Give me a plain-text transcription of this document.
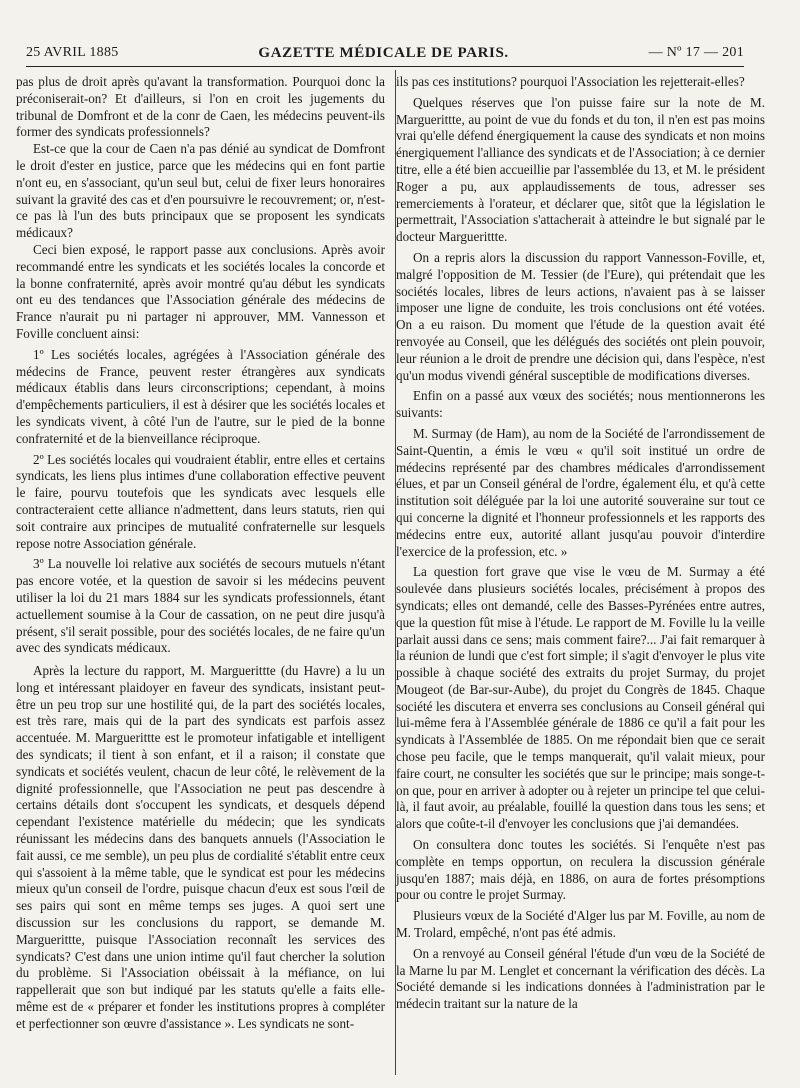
25 AVRIL 1885	GAZETTE MÉDICALE DE PARIS.	— Nº 17 — 201

pas plus de droit après qu'avant la transformation. Pourquoi donc la préconiserait-on? Et d'ailleurs, si l'on en croit les jugements du tribunal de Domfront et de la conr de Caen, les médecins peuvent-ils former des syndicats professionnels?

Est-ce que la cour de Caen n'a pas dénié au syndicat de Domfront le droit d'ester en justice, parce que les médecins qui en font partie n'ont eu, en s'associant, qu'un seul but, celui de fixer leurs honoraires suivant la gravité des cas et d'en poursuivre le recouvrement; or, n'est-ce pas là l'un des buts principaux que se proposent les syndicats médicaux?

Ceci bien exposé, le rapport passe aux conclusions. Après avoir recommandé entre les syndicats et les sociétés locales la concorde et la bonne confraternité, après avoir montré qu'au début les syndicats ont eu des tendances que l'Association générale des médecins de France n'aurait pu ni partager ni approuver, MM. Vannesson et Foville concluent ainsi:

1º Les sociétés locales, agrégées à l'Association générale des médecins de France, peuvent rester étrangères aux syndicats médicaux établis dans leurs circonscriptions; cependant, à moins d'empêchements particuliers, il est à désirer que les sociétés locales et les syndicats vivent, à côté l'un de l'autre, sur le pied de la bonne confraternité et de la bienveillance réciproque.

2º Les sociétés locales qui voudraient établir, entre elles et certains syndicats, les liens plus intimes d'une collaboration effective peuvent le faire, pourvu toutefois que les syndicats avec lesquels elle contracteraient cette alliance n'admettent, dans leurs statuts, rien qui soit contraire aux principes de mutualité confraternelle sur lesquels repose notre Association générale.

3º La nouvelle loi relative aux sociétés de secours mutuels n'étant pas encore votée, et la question de savoir si les médecins peuvent utiliser la loi du 21 mars 1884 sur les syndicats professionnels, étant actuellement soumise à la Cour de cassation, on ne peut dire jusqu'à présent, s'il serait possible, pour des sociétés locales, de ne faire qu'un avec des syndicats médicaux.

Après la lecture du rapport, M. Marguerittte (du Havre) a lu un long et intéressant plaidoyer en faveur des syndicats, insistant peut-être un peu trop sur une hostilité qui, de la part des sociétés locales, est très rare, mais qui de la part des syndicats est parfois assez accentuée. M. Marguerittte est le promoteur infatigable et intelligent des syndicats; il tient à son enfant, et il a raison; il constate que syndicats et sociétés veulent, chacun de leur côté, le relèvement de la dignité professionnelle, que l'Association ne peut pas descendre à certains détails dont s'occupent les syndicats, et desquels dépend cependant l'existence matérielle du médecin; que les syndicats réunissant les médecins dans des banquets annuels (l'Association le fait aussi, ce me semble), un peu plus de cordialité s'établit entre ceux qui s'assoient à la même table, que le syndicat est pour les médecins mieux qu'un conseil de l'ordre, puisque chacun d'eux est sous l'œil de ses pairs qui sont en même temps ses juges. A quoi sert une discussion sur les conclusions du rapport, se demande M. Marguerittte, puisque l'Association reconnaît les services des syndicats? C'est dans une union intime qu'il faut chercher la solution du problème. Si l'Association obéissait à la méfiance, on lui rappellerait que son but indiqué par les statuts qu'elle a faits elle-même est de « préparer et fonder les institutions propres à compléter et perfectionner son œuvre d'assistance ». Les syndicats ne sont-

ils pas ces institutions? pourquoi l'Association les rejetterait-elles?

Quelques réserves que l'on puisse faire sur la note de M. Marguerittte, au point de vue du fonds et du ton, il n'en est pas moins vrai qu'elle défend énergiquement la cause des syndicats et non moins énergiquement l'alliance des syndicats et de l'Association; à ce dernier titre, elle a été bien accueillie par l'assemblée du 13, et M. le président Roger a pu, aux applaudissements de tous, adresser ses remerciements à l'orateur, et déclarer que, sitôt que la législation le permettrait, l'Association s'attacherait à atteindre le but signalé par le docteur Marguerittte.

On a repris alors la discussion du rapport Vannesson-Foville, et, malgré l'opposition de M. Tessier (de l'Eure), qui prétendait que les sociétés locales, libres de leurs actions, n'avaient pas à se laisser imposer une ligne de conduite, les trois conclusions ont été votées. On a eu raison. Du moment que l'étude de la question avait été renvoyée au Conseil, que les délégués des sociétés ont plein pouvoir, leur réunion a le droit de prendre une décision qui, dans l'espèce, n'est qu'un modus vivendi général susceptible de modifications diverses.

Enfin on a passé aux vœux des sociétés; nous mentionnerons les suivants:

M. Surmay (de Ham), au nom de la Société de l'arrondissement de Saint-Quentin, a émis le vœu « qu'il soit institué un ordre de médecins représenté par des chambres médicales d'arrondissement élues, et par un Conseil général de l'ordre, également élu, et qu'à cette institution soit déléguée par la loi une autorité souveraine sur tout ce qui concerne la dignité et l'honneur professionnels et les rapports des médecins entre eux, autorité allant jusqu'au pouvoir d'interdire l'exercice de la profession, etc. »

La question fort grave que vise le vœu de M. Surmay a été soulevée dans plusieurs sociétés locales, précisément à propos des syndicats; elles ont demandé, celle des Basses-Pyrénées entre autres, que la question fût mise à l'étude. Le rapport de M. Foville lu la veille parlait aussi dans ce sens; mais comment faire?... J'ai fait remarquer à la réunion de lundi que c'est fort simple; il s'agit d'envoyer le plus vite possible à chaque société des extraits du projet Surmay, du projet Mougeot (de Bar-sur-Aube), du projet du Congrès de 1845. Chaque société les discutera et enverra ses conclusions au Conseil général qui lui-même fera à l'Assemblée générale de 1886 ce qu'il a fait pour les syndicats à l'Assemblée de 1885. On me répondait bien que ce serait chose peu facile, que le temps manquerait, qu'il valait mieux, pour faire court, ne consulter les sociétés que sur le principe; mais songe-t-on que, pour en arriver à adopter ou à rejeter un principe tel que celui-là, il faut avoir, au préalable, fouillé la question dans tous les sens; et alors que coûte-t-il d'envoyer les conclusions que j'ai demandées.

On consultera donc toutes les sociétés. Si l'enquête n'est pas complète en temps opportun, on reculera la discussion générale jusqu'en 1887; mais déjà, en 1886, on aura de fortes présomptions pour ou contre le projet Surmay.

Plusieurs vœux de la Société d'Alger lus par M. Foville, au nom de M. Trolard, empêché, n'ont pas été admis.

On a renvoyé au Conseil général l'étude d'un vœu de la Société de la Marne lu par M. Lenglet et concernant la vérification des décès. La Société demande si les indications données à l'administration par le médecin traitant sur la nature de la
